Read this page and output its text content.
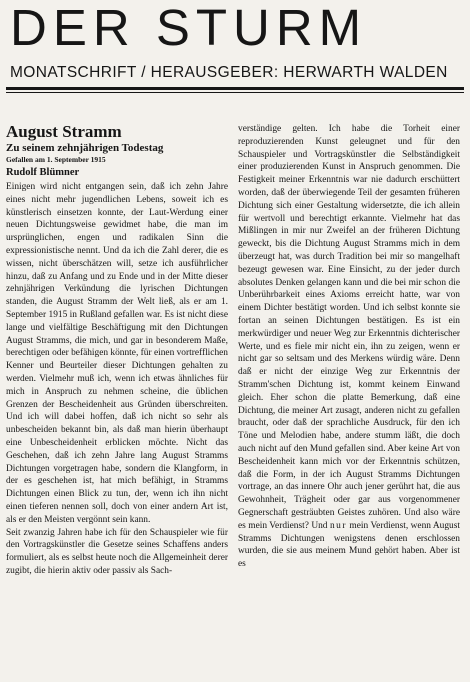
DER STURM
MONATSCHRIFT / HERAUSGEBER: HERWARTH WALDEN
August Stramm

Zu seinem zehnjährigen Todestag

Gefallen am 1. September 1915

Rudolf Blümner

Einigen wird nicht entgangen sein, daß ich zehn Jahre eines nicht mehr jugendlichen Lebens, soweit ich es künstlerisch einsetzen konnte, der Laut-Werdung einer neuen Dichtungsweise gewidmet habe, die man im ursprünglichen, engen und radikalen Sinn die expressionistische nennt. Und da ich die Zahl derer, die es wissen, nicht überschätzen will, setze ich ausführlicher hinzu, daß zu Anfang und zu Ende und in der Mitte dieser zehnjährigen Verkündung die lyrischen Dichtungen standen, die August Stramm der Welt ließ, als er am 1. September 1915 in Rußland gefallen war. Es ist nicht diese lange und vielfältige Beschäftigung mit den Dichtungen August Stramms, die mich, und gar in besonderem Maße, berechtigen oder befähigen könnte, für einen vortrefflichen Kenner und Beurteiler dieser Dichtungen gehalten zu werden. Vielmehr muß ich, wenn ich etwas ähnliches für mich in Anspruch zu nehmen scheine, die üblichen Grenzen der Bescheidenheit aus Gründen überschreiten. Und ich will dabei hoffen, daß ich nicht so sehr als unbescheiden bekannt bin, als daß man hierin überhaupt eine Unbescheidenheit erblicken möchte. Nicht das Geschehen, daß ich zehn Jahre lang August Stramms Dichtungen vorgetragen habe, sondern die Klangform, in der es geschehen ist, hat mich befähigt, in Stramms Dichtungen einen Blick zu tun, der, wenn ich ihn nicht einen tieferen nennen soll, doch von einer andern Art ist, als er den Meisten vergönnt sein kann.

Seit zwanzig Jahren habe ich für den Schauspieler wie für den Vortragskünstler die Gesetze seines Schaffens anders formuliert, als es selbst heute noch die Allgemeinheit derer zugibt, die hierin aktiv oder passiv als Sach-

verständige gelten. Ich habe die Torheit einer reproduzierenden Kunst geleugnet und für den Schauspieler und Vortragskünstler die Selbständigkeit einer produzierenden Kunst in Anspruch genommen. Die Festigkeit meiner Erkenntnis war nie dadurch erschüttert worden, daß der überwiegende Teil der gesamten früheren Dichtung sich einer Gestaltung widersetzte, die ich allein für wertvoll und berechtigt erkannte. Vielmehr hat das Mißlingen in mir nur Zweifel an der früheren Dichtung geweckt, bis die Dichtung August Stramms mich in dem überzeugt hat, was durch Tradition bei mir so mangelhaft bezeugt gewesen war. Eine Einsicht, zu der jeder durch absolutes Denken gelangen kann und die bei mir schon die Unberührbarkeit eines Axioms erreicht hatte, war von einem Dichter bestätigt worden. Und ich selbst konnte sie fortan an seinen Dichtungen bestätigen. Es ist ein merkwürdiger und neuer Weg zur Erkenntnis dichterischer Werte, und es fiele mir nicht ein, ihn zu zeigen, wenn er nicht gar so seltsam und des Merkens würdig wäre. Denn daß er nicht der einzige Weg zur Erkenntnis der Stramm'schen Dichtung ist, kommt keinem Einwand gleich. Eher schon die platte Bemerkung, daß eine Dichtung, die meiner Art zusagt, anderen nicht zu gefallen braucht, oder daß der sprachliche Ausdruck, für den ich Töne und Melodien habe, andere stumm läßt, die doch auch nicht auf den Mund gefallen sind. Aber keine Art von Bescheidenheit kann mich vor der Erkenntnis schützen, daß die Form, in der ich August Stramms Dichtungen vortrage, an das innere Ohr auch jener gerührt hat, die aus Gewohnheit, Trägheit oder gar aus vorgenommener Gegnerschaft gesträubten Geistes zuhören. Und also wäre es mein Verdienst? Und nur mein Verdienst, wenn August Stramms Dichtungen wenigstens denen erschlossen wurden, die sie aus meinem Mund gehört haben. Aber ist es
